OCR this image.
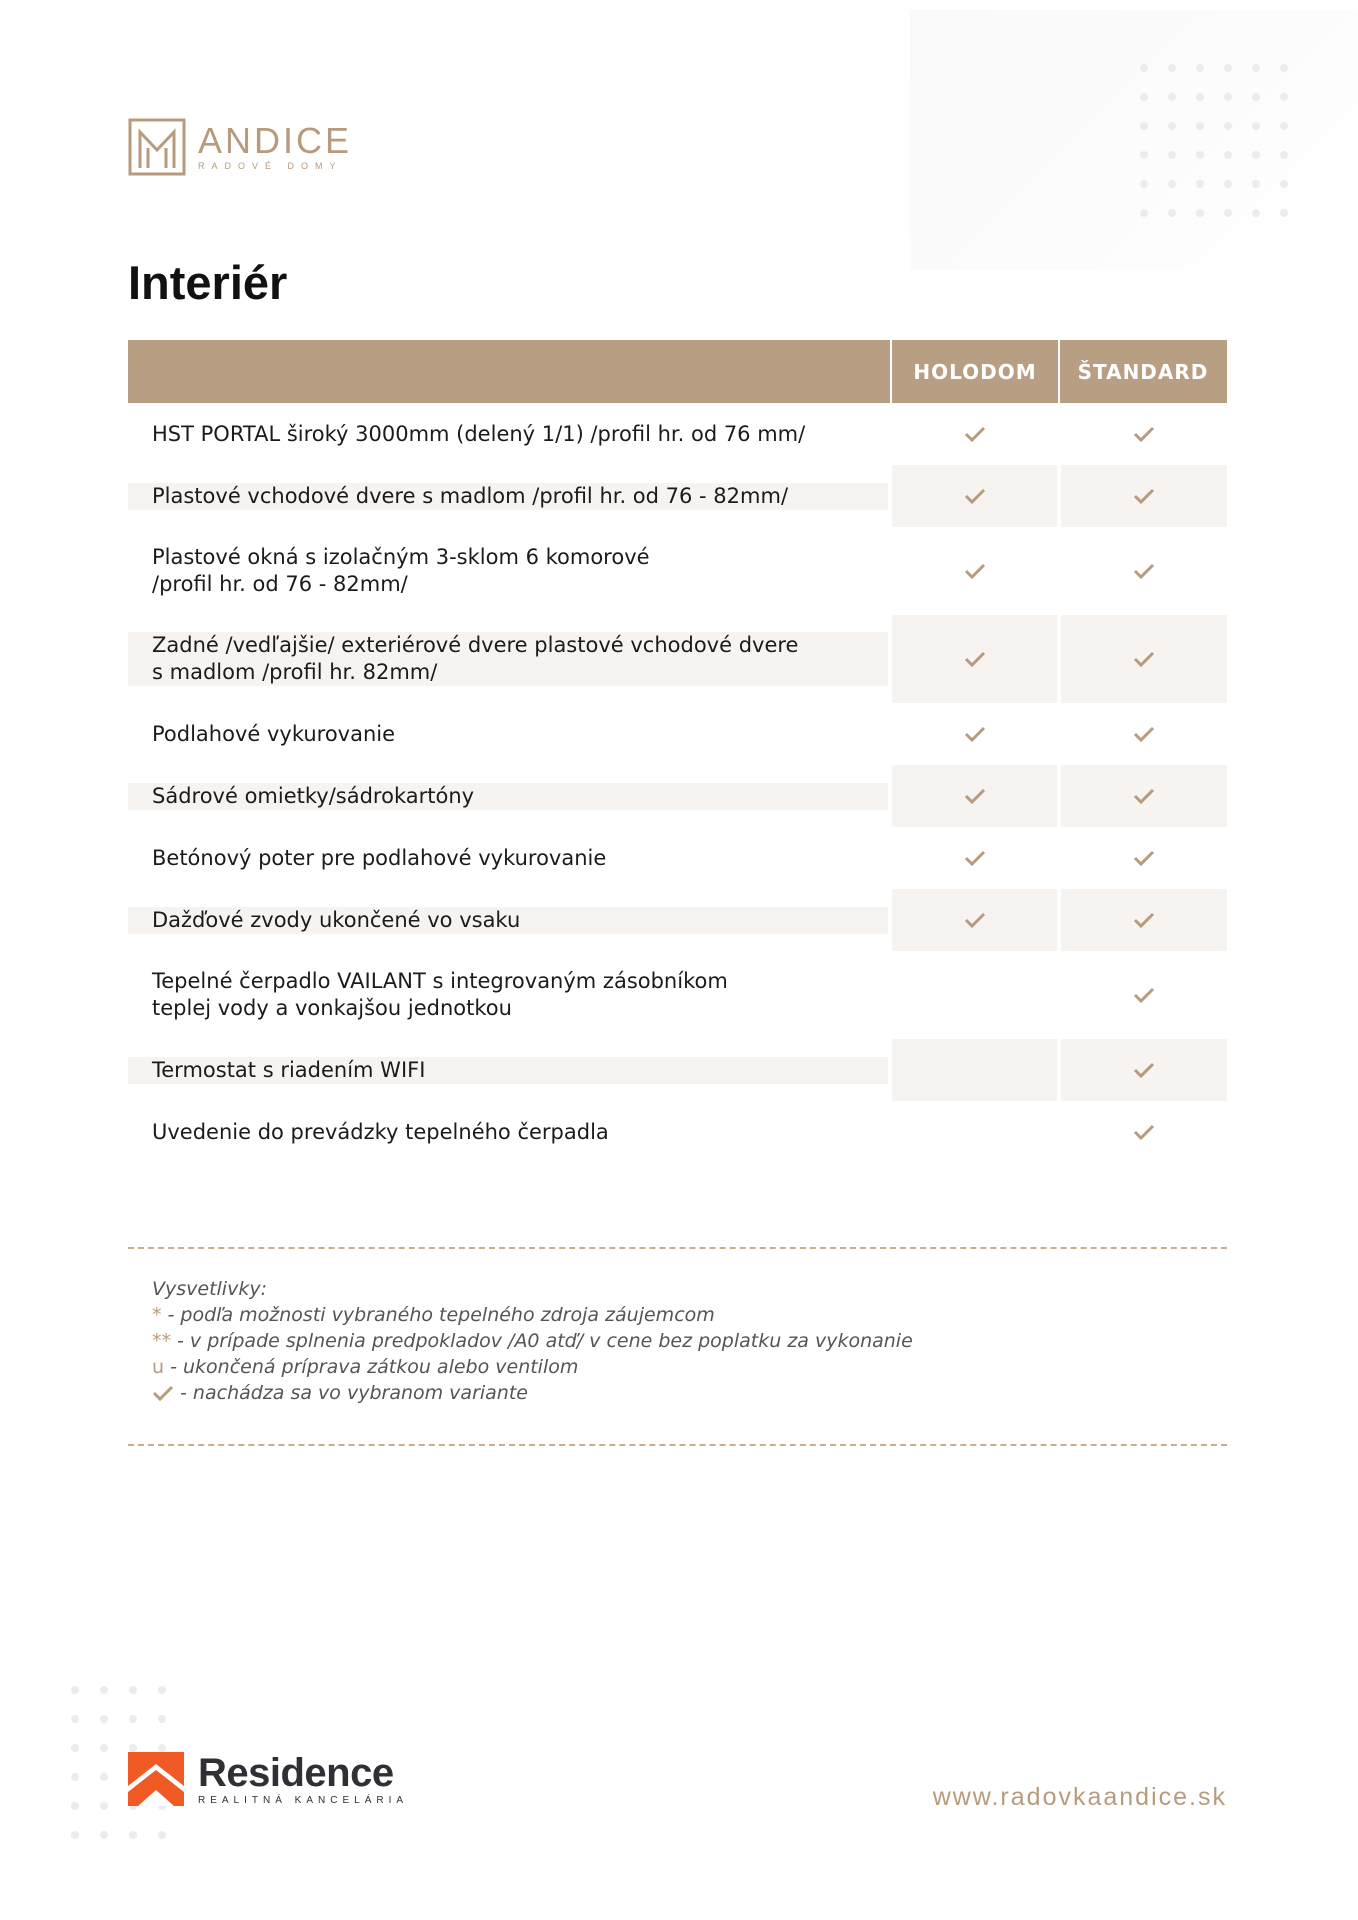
ANDICE
RADOVÉ DOMY
Interiér
HOLODOM	ŠTANDARD
HST PORTAL široký 3000mm (delený 1/1) /profil hr. od 76 mm/
Plastové vchodové dvere s madlom /profil hr. od 76 - 82mm/
Plastové okná s izolačným 3-sklom 6 komorové
/profil hr. od 76 - 82mm/
Zadné /vedľajšie/ exteriérové dvere plastové vchodové dvere
s madlom /profil hr. 82mm/
Podlahové vykurovanie
Sádrové omietky/sádrokartóny
Betónový poter pre podlahové vykurovanie
Dažďové zvody ukončené vo vsaku
Tepelné čerpadlo VAILANT s integrovaným zásobníkom
teplej vody a vonkajšou jednotkou
Termostat s riadením WIFI
Uvedenie do prevádzky tepelného čerpadla
Vysvetlivky:
* - podľa možnosti vybraného tepelného zdroja záujemcom
** - v prípade splnenia predpokladov /A0 atď/ v cene bez poplatku za vykonanie
u - ukončená príprava zátkou alebo ventilom
- nachádza sa vo vybranom variante
Residence
REALITNÁ KANCELÁRIA	www.radovkaandice.sk
